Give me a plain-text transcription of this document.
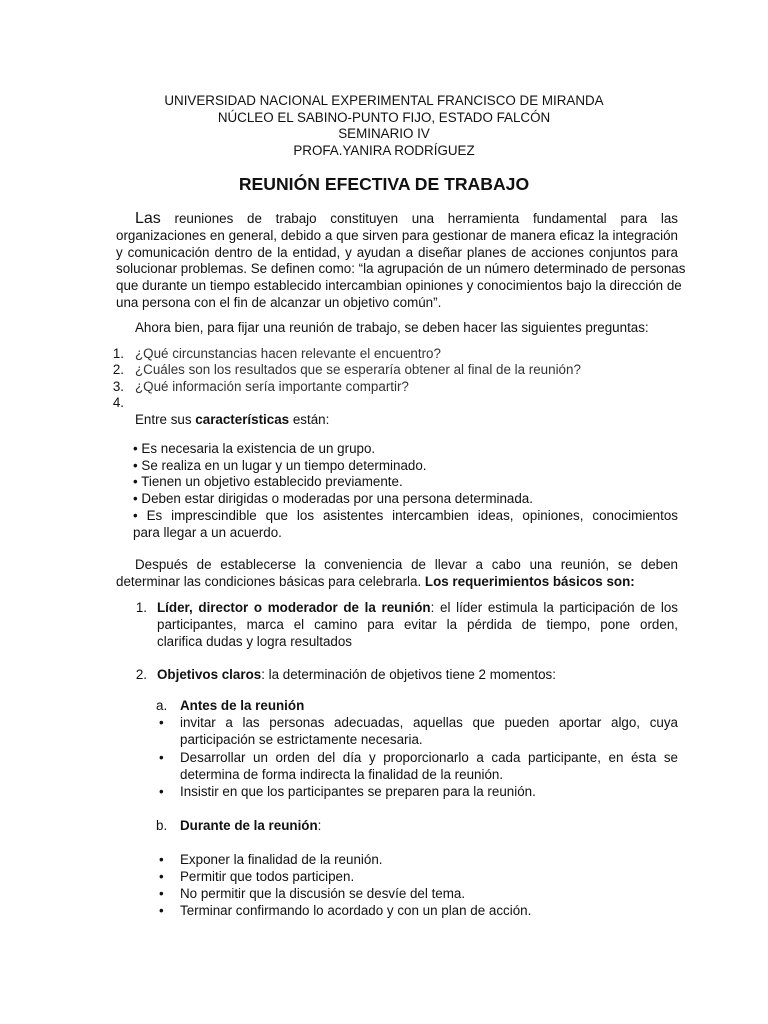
UNIVERSIDAD NACIONAL EXPERIMENTAL FRANCISCO DE MIRANDA
NÚCLEO EL SABINO-PUNTO FIJO, ESTADO FALCÓN
SEMINARIO IV
PROFA.YANIRA RODRÍGUEZ
REUNIÓN EFECTIVA DE TRABAJO
Las reuniones de trabajo constituyen una herramienta fundamental para las
organizaciones en general, debido a que sirven para gestionar de manera eficaz la integración
y comunicación dentro de la entidad, y ayudan a diseñar planes de acciones conjuntos para
solucionar problemas. Se definen como: “la agrupación de un número determinado de personas
que durante un tiempo establecido intercambian opiniones y conocimientos bajo la dirección de
una persona con el fin de alcanzar un objetivo común”.
Ahora bien, para fijar una reunión de trabajo, se deben hacer las siguientes preguntas:
1. ¿Qué circunstancias hacen relevante el encuentro?
2. ¿Cuáles son los resultados que se esperaría obtener al final de la reunión?
3. ¿Qué información sería importante compartir?
4.
Entre sus características están:
• Es necesaria la existencia de un grupo.
• Se realiza en un lugar y un tiempo determinado.
• Tienen un objetivo establecido previamente.
• Deben estar dirigidas o moderadas por una persona determinada.
• Es imprescindible que los asistentes intercambien ideas, opiniones, conocimientos
para llegar a un acuerdo.
Después de establecerse la conveniencia de llevar a cabo una reunión, se deben
determinar las condiciones básicas para celebrarla. Los requerimientos básicos son:
1. Líder, director o moderador de la reunión: el líder estimula la participación de los
participantes, marca el camino para evitar la pérdida de tiempo, pone orden,
clarifica dudas y logra resultados
2. Objetivos claros: la determinación de objetivos tiene 2 momentos:
a. Antes de la reunión
• invitar a las personas adecuadas, aquellas que pueden aportar algo, cuya
participación se estrictamente necesaria.
• Desarrollar un orden del día y proporcionarlo a cada participante, en ésta se
determina de forma indirecta la finalidad de la reunión.
• Insistir en que los participantes se preparen para la reunión.
b. Durante de la reunión:
• Exponer la finalidad de la reunión.
• Permitir que todos participen.
• No permitir que la discusión se desvíe del tema.
• Terminar confirmando lo acordado y con un plan de acción.
